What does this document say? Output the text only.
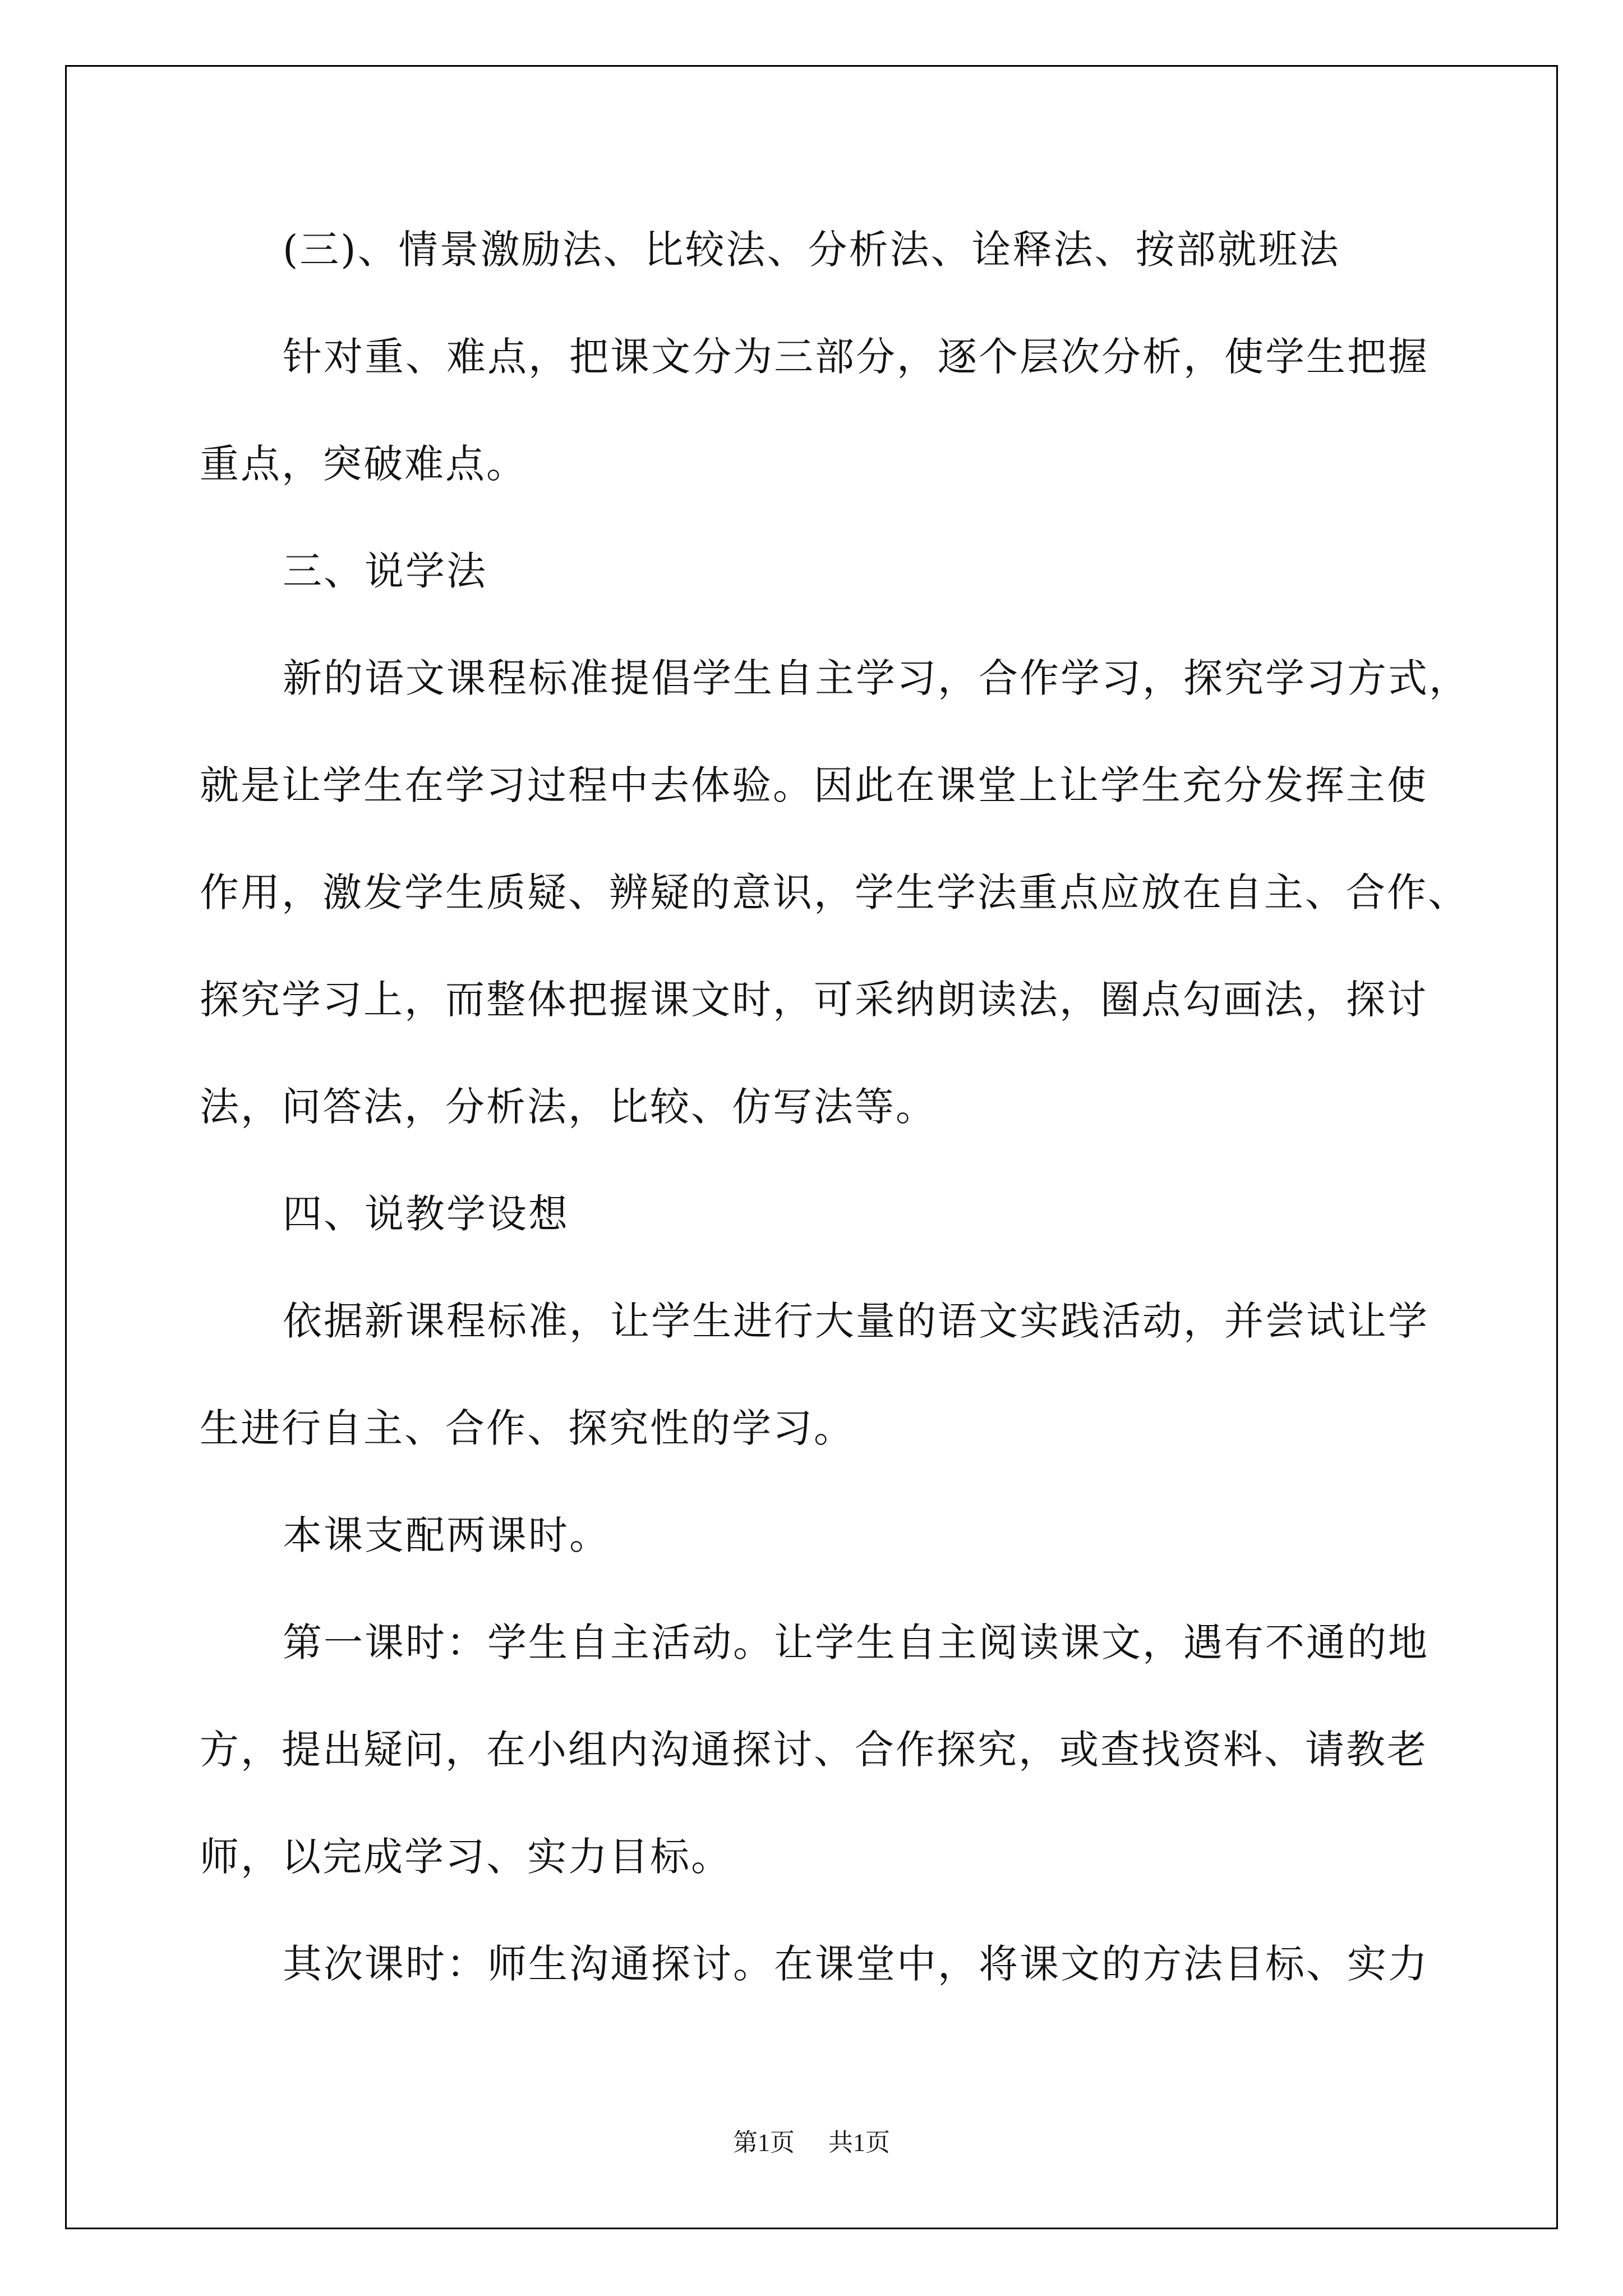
(三)、情景激励法、比较法、分析法、诠释法、按部就班法
针对重、难点，把课文分为三部分，逐个层次分析，使学生把握
重点，突破难点。
三、说学法
新的语文课程标准提倡学生自主学习，合作学习，探究学习方式，
就是让学生在学习过程中去体验。因此在课堂上让学生充分发挥主使
作用，激发学生质疑、辨疑的意识，学生学法重点应放在自主、合作、
探究学习上，而整体把握课文时，可采纳朗读法，圈点勾画法，探讨
法，问答法，分析法，比较、仿写法等。
四、说教学设想
依据新课程标准，让学生进行大量的语文实践活动，并尝试让学
生进行自主、合作、探究性的学习。
本课支配两课时。
第一课时：学生自主活动。让学生自主阅读课文，遇有不通的地
方，提出疑问，在小组内沟通探讨、合作探究，或查找资料、请教老
师，以完成学习、实力目标。
其次课时：师生沟通探讨。在课堂中，将课文的方法目标、实力
第1页 共1页
